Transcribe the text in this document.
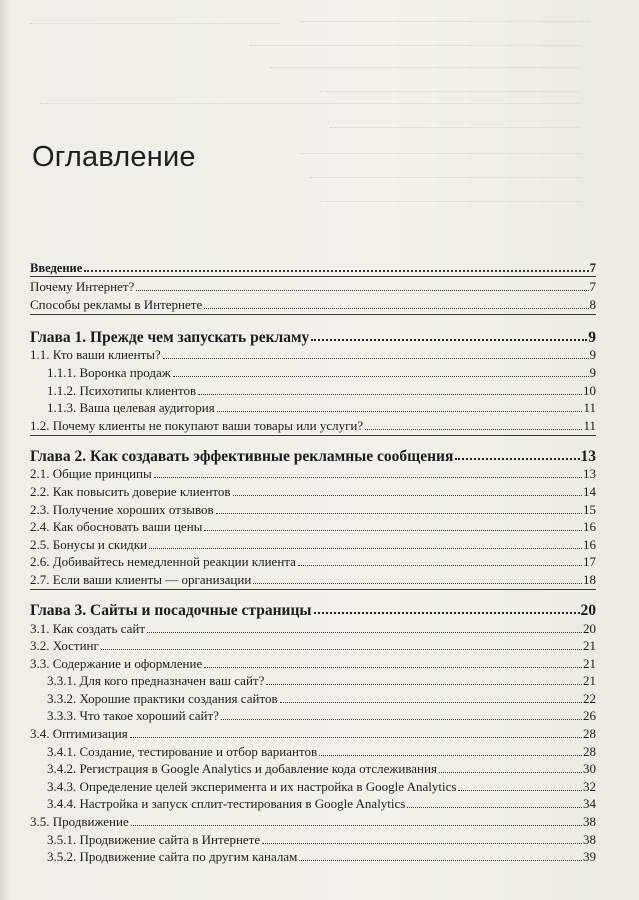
Оглавление
Введение	7
Почему Интернет?	7
Способы рекламы в Интернете	8
Глава 1. Прежде чем запускать рекламу	9
1.1. Кто ваши клиенты?	9
1.1.1. Воронка продаж	9
1.1.2. Психотипы клиентов	10
1.1.3. Ваша целевая аудитория	11
1.2. Почему клиенты не покупают ваши товары или услуги?	11
Глава 2. Как создавать эффективные рекламные сообщения	13
2.1. Общие принципы	13
2.2. Как повысить доверие клиентов	14
2.3. Получение хороших отзывов	15
2.4. Как обосновать ваши цены	16
2.5. Бонусы и скидки	16
2.6. Добивайтесь немедленной реакции клиента	17
2.7. Если ваши клиенты — организации	18
Глава 3. Сайты и посадочные страницы	20
3.1. Как создать сайт	20
3.2. Хостинг	21
3.3. Содержание и оформление	21
3.3.1. Для кого предназначен ваш сайт?	21
3.3.2. Хорошие практики создания сайтов	22
3.3.3. Что такое хороший сайт?	26
3.4. Оптимизация	28
3.4.1. Создание, тестирование и отбор вариантов	28
3.4.2. Регистрация в Google Analytics и добавление кода отслеживания	30
3.4.3. Определение целей эксперимента и их настройка в Google Analytics	32
3.4.4. Настройка и запуск сплит-тестирования в Google Analytics	34
3.5. Продвижение	38
3.5.1. Продвижение сайта в Интернете	38
3.5.2. Продвижение сайта по другим каналам	39
